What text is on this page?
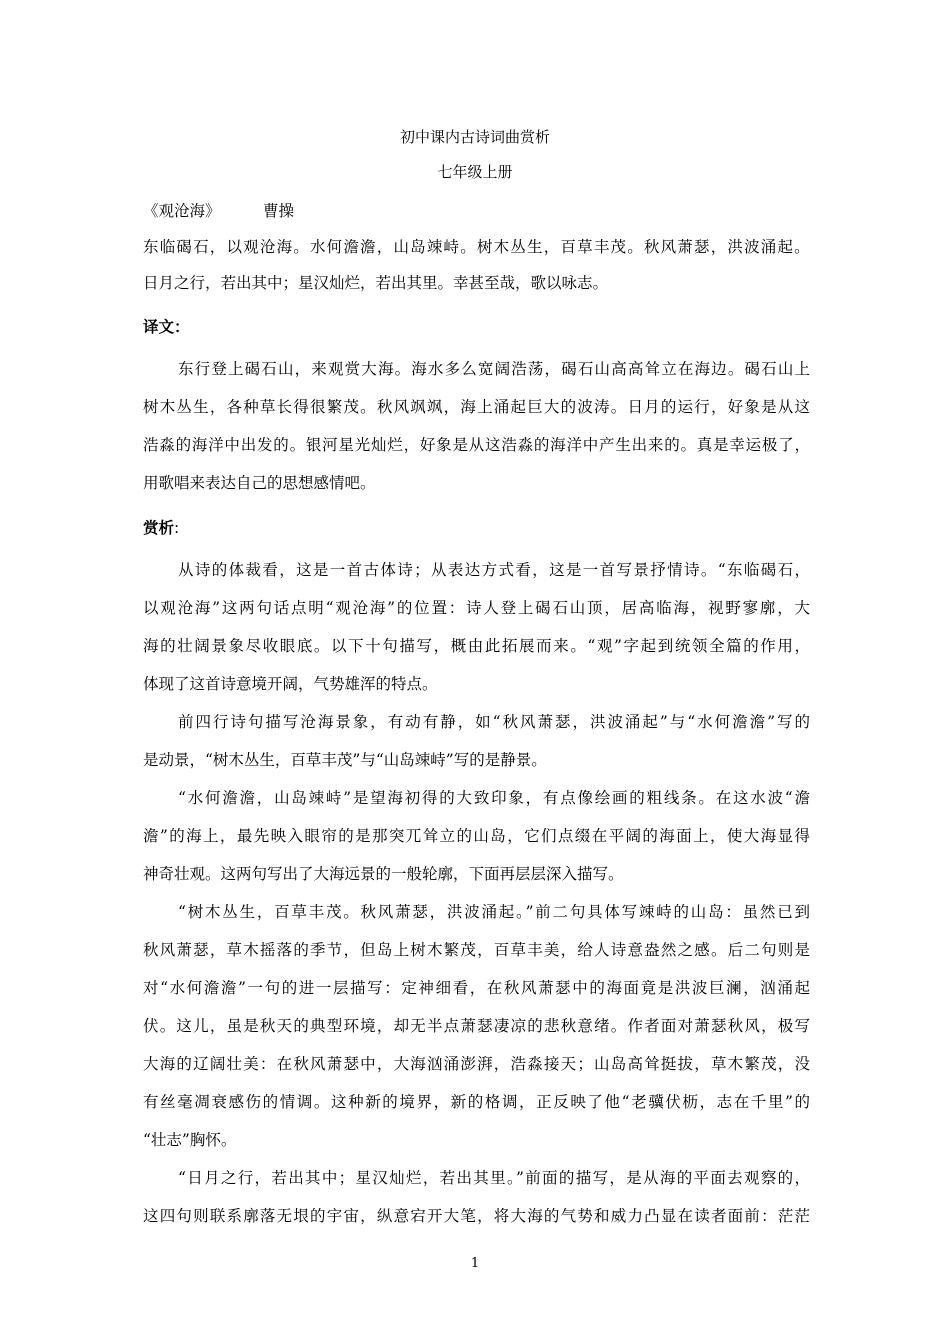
初中课内古诗词曲赏析
七年级上册
《观沧海》	曹操
东临碣石，以观沧海。水何澹澹，山岛竦峙。树木丛生，百草丰茂。秋风萧瑟，洪波涌起。
日月之行，若出其中；星汉灿烂，若出其里。幸甚至哉，歌以咏志。
译文：
东行登上碣石山，来观赏大海。海水多么宽阔浩荡，碣石山高高耸立在海边。碣石山上
树木丛生，各种草长得很繁茂。秋风飒飒，海上涌起巨大的波涛。日月的运行，好象是从这
浩淼的海洋中出发的。银河星光灿烂，好象是从这浩淼的海洋中产生出来的。真是幸运极了，
用歌唱来表达自己的思想感情吧。
赏析:
从诗的体裁看，这是一首古体诗；从表达方式看，这是一首写景抒情诗。“东临碣石，
以观沧海”这两句话点明“观沧海”的位置：诗人登上碣石山顶，居高临海，视野寥廓，大
海的壮阔景象尽收眼底。以下十句描写，概由此拓展而来。“观”字起到统领全篇的作用，
体现了这首诗意境开阔，气势雄浑的特点。
前四行诗句描写沧海景象，有动有静，如“秋风萧瑟，洪波涌起”与“水何澹澹”写的
是动景，“树木丛生，百草丰茂”与“山岛竦峙”写的是静景。
“水何澹澹，山岛竦峙”是望海初得的大致印象，有点像绘画的粗线条。在这水波“澹
澹”的海上，最先映入眼帘的是那突兀耸立的山岛，它们点缀在平阔的海面上，使大海显得
神奇壮观。这两句写出了大海远景的一般轮廓，下面再层层深入描写。
“树木丛生，百草丰茂。秋风萧瑟，洪波涌起。”前二句具体写竦峙的山岛：虽然已到
秋风萧瑟，草木摇落的季节，但岛上树木繁茂，百草丰美，给人诗意盎然之感。后二句则是
对“水何澹澹”一句的进一层描写：定神细看，在秋风萧瑟中的海面竟是洪波巨澜，汹涌起
伏。这儿，虽是秋天的典型环境，却无半点萧瑟凄凉的悲秋意绪。作者面对萧瑟秋风，极写
大海的辽阔壮美：在秋风萧瑟中，大海汹涌澎湃，浩淼接天；山岛高耸挺拔，草木繁茂，没
有丝毫凋衰感伤的情调。这种新的境界，新的格调，正反映了他“老骥伏枥，志在千里”的
“壮志”胸怀。
“日月之行，若出其中；星汉灿烂，若出其里。”前面的描写，是从海的平面去观察的，
这四句则联系廓落无垠的宇宙，纵意宕开大笔，将大海的气势和威力凸显在读者面前：茫茫
1
